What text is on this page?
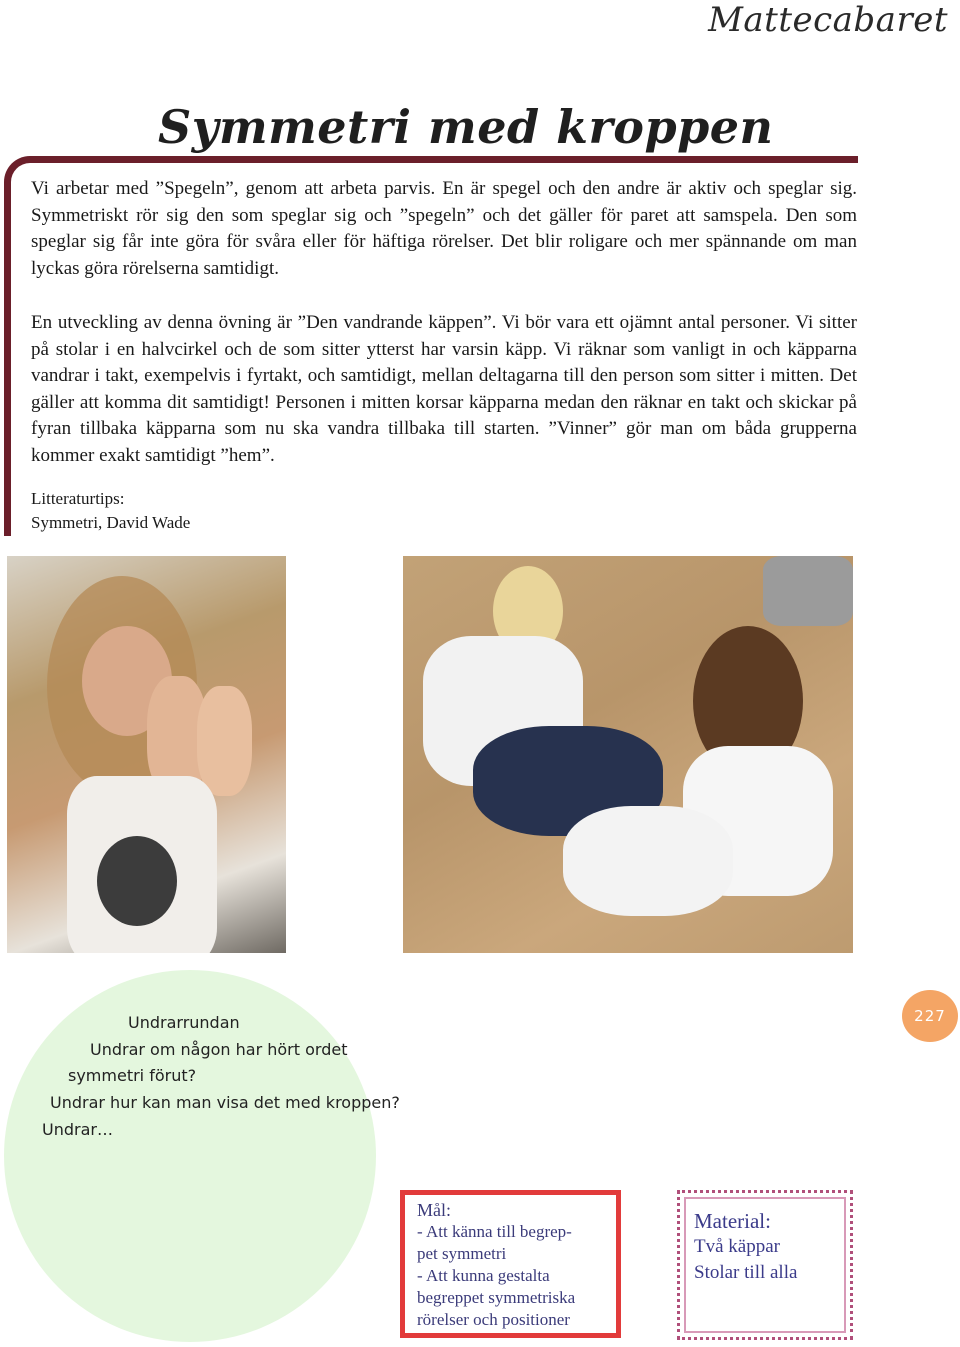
Mattecabaret
Symmetri med kroppen

Vi arbetar med ”Spegeln”, genom att arbeta parvis. En är spegel och den andre är aktiv och speglar sig. Symmetriskt rör sig den som speglar sig och ”spegeln” och det gäller för paret att samspela. Den som speglar sig får inte göra för svåra eller för häftiga rörelser. Det blir roligare och mer spännande om man lyckas göra rörelserna samtidigt.

En utveckling av denna övning är ”Den vandrande käppen”. Vi bör vara ett ojämnt antal personer. Vi sitter på stolar i en halvcirkel och de som sitter ytterst har varsin käpp. Vi räknar som vanligt in och käpparna vandrar i takt, exempelvis i fyrtakt, och samtidigt, mellan deltagarna till den person som sitter i mitten. Det gäller att komma dit samtidigt! Personen i mitten korsar käpparna medan den räknar en takt och skickar på fyran tillbaka käpparna som nu ska vandra tillbaka till starten. ”Vinner” gör man om båda grupperna kommer exakt samtidigt ”hem”.

Litteraturtips:
Symmetri, David Wade
Undrarrundan
Undrar om någon har hört ordet
symmetri förut?
Undrar hur kan man visa det med kroppen?
Undrar…
227
Mål:
- Att känna till begrep-
pet symmetri
- Att kunna gestalta
begreppet symmetriska
rörelser och positioner
Material:
Två käppar
Stolar till alla
